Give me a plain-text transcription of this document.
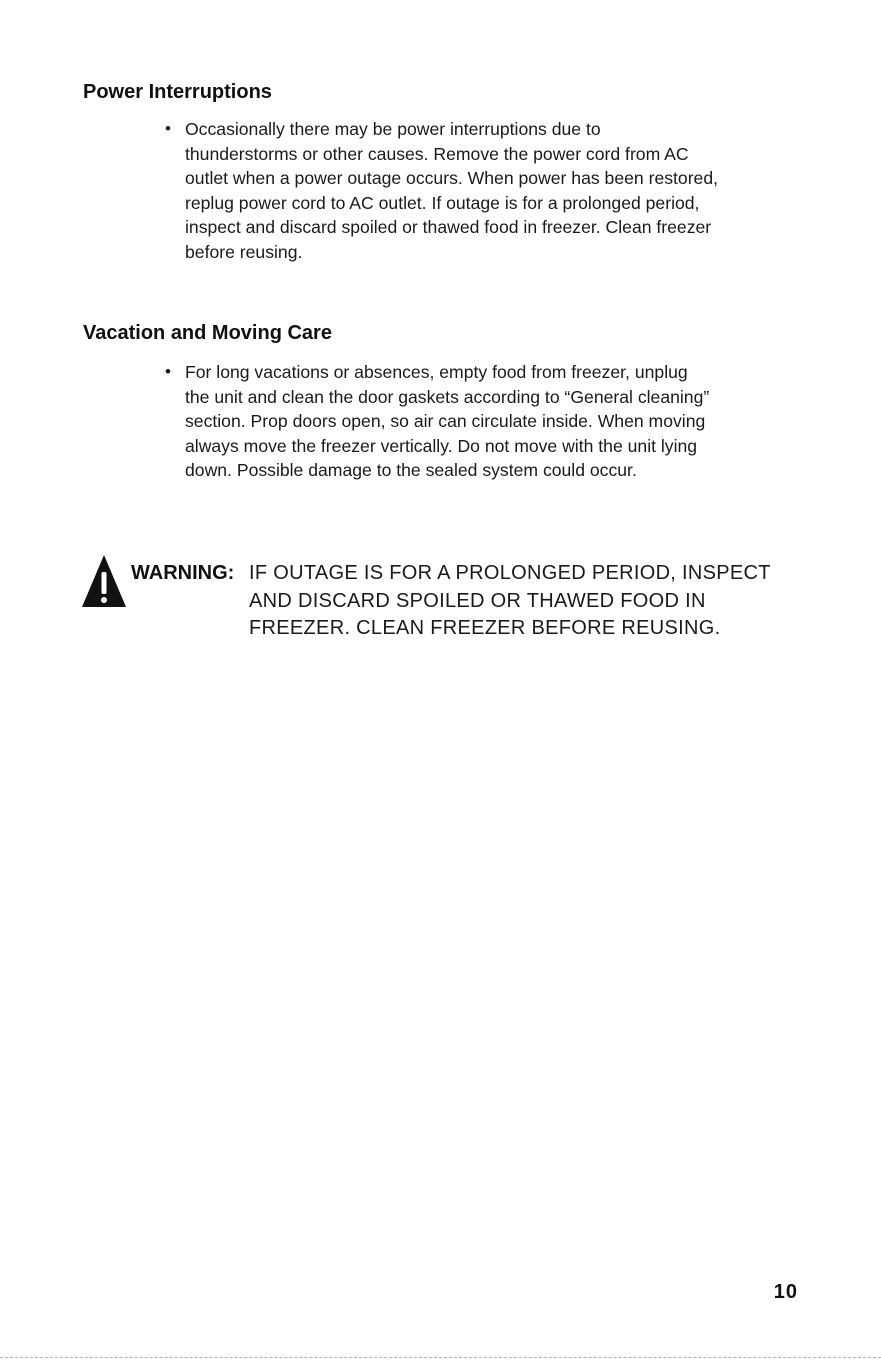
Power Interruptions
• Occasionally there may be power interruptions due to
thunderstorms or other causes. Remove the power cord from AC
outlet when a power outage occurs. When power has been restored,
replug power cord to AC outlet. If outage is for a prolonged period,
inspect and discard spoiled or thawed food in freezer. Clean freezer
before reusing.
Vacation and Moving Care
• For long vacations or absences, empty food from freezer, unplug
the unit and clean the door gaskets according to “General cleaning”
section. Prop doors open, so air can circulate inside. When moving
always move the freezer vertically. Do not move with the unit lying
down. Possible damage to the sealed system could occur.
WARNING: IF OUTAGE IS FOR A PROLONGED PERIOD, INSPECT
AND DISCARD SPOILED OR THAWED FOOD IN
FREEZER. CLEAN FREEZER BEFORE REUSING.
10
